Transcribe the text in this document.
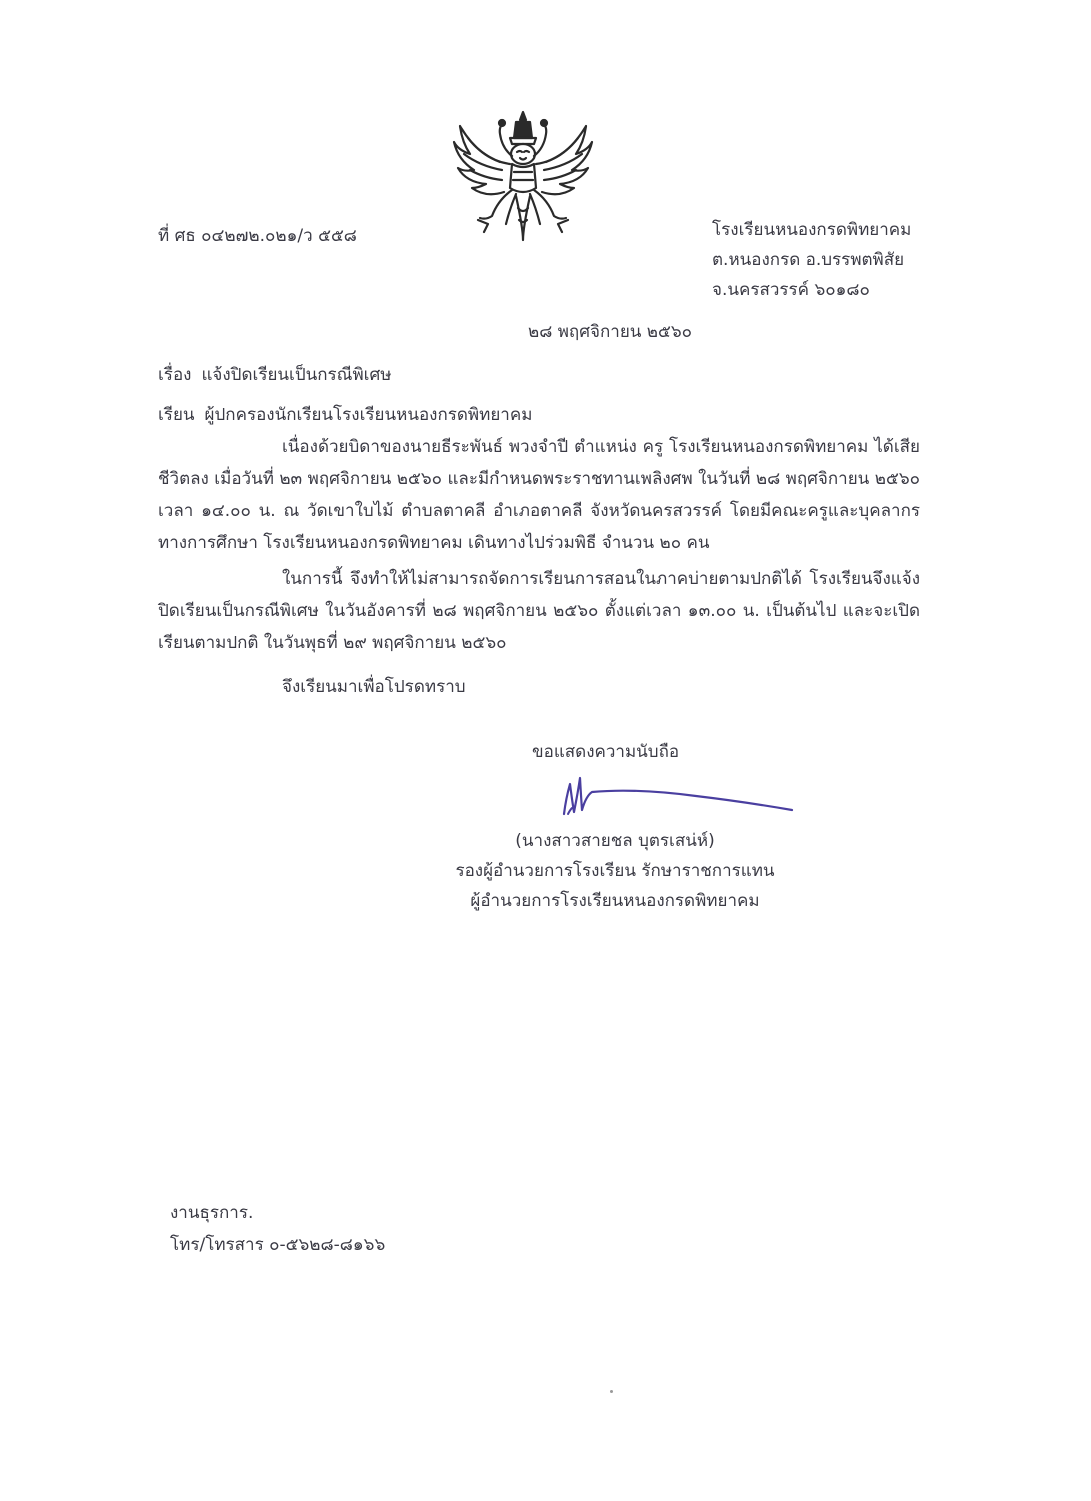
ที่ ศธ ๐๔๒๗๒.๐๒๑/ว ๕๕๘	โรงเรียนหนองกรดพิทยาคม
ต.หนองกรด อ.บรรพตพิสัย
จ.นครสวรรค์ ๖๐๑๘๐
๒๘ พฤศจิกายน ๒๕๖๐
เรื่อง แจ้งปิดเรียนเป็นกรณีพิเศษ
เรียน ผู้ปกครองนักเรียนโรงเรียนหนองกรดพิทยาคม
เนื่องด้วยบิดาของนายธีระพันธ์ พวงจำปี ตำแหน่ง ครู โรงเรียนหนองกรดพิทยาคม ได้เสียชีวิตลง เมื่อวันที่ ๒๓ พฤศจิกายน ๒๕๖๐ และมีกำหนดพระราชทานเพลิงศพ ในวันที่ ๒๘ พฤศจิกายน ๒๕๖๐ เวลา ๑๔.๐๐ น. ณ วัดเขาใบไม้ ตำบลตาคลี อำเภอตาคลี จังหวัดนครสวรรค์ โดยมีคณะครูและบุคลากรทางการศึกษา โรงเรียนหนองกรดพิทยาคม เดินทางไปร่วมพิธี จำนวน ๒๐ คน
ในการนี้ จึงทำให้ไม่สามารถจัดการเรียนการสอนในภาคบ่ายตามปกติได้ โรงเรียนจึงแจ้งปิดเรียนเป็นกรณีพิเศษ ในวันอังคารที่ ๒๘ พฤศจิกายน ๒๕๖๐ ตั้งแต่เวลา ๑๓.๐๐ น. เป็นต้นไป และจะเปิดเรียนตามปกติ ในวันพุธที่ ๒๙ พฤศจิกายน ๒๕๖๐
จึงเรียนมาเพื่อโปรดทราบ
ขอแสดงความนับถือ
(นางสาวสายชล บุตรเสน่ห์)
รองผู้อำนวยการโรงเรียน รักษาราชการแทน
ผู้อำนวยการโรงเรียนหนองกรดพิทยาคม
งานธุรการ.
โทร/โทรสาร ๐-๕๖๒๘-๘๑๖๖
